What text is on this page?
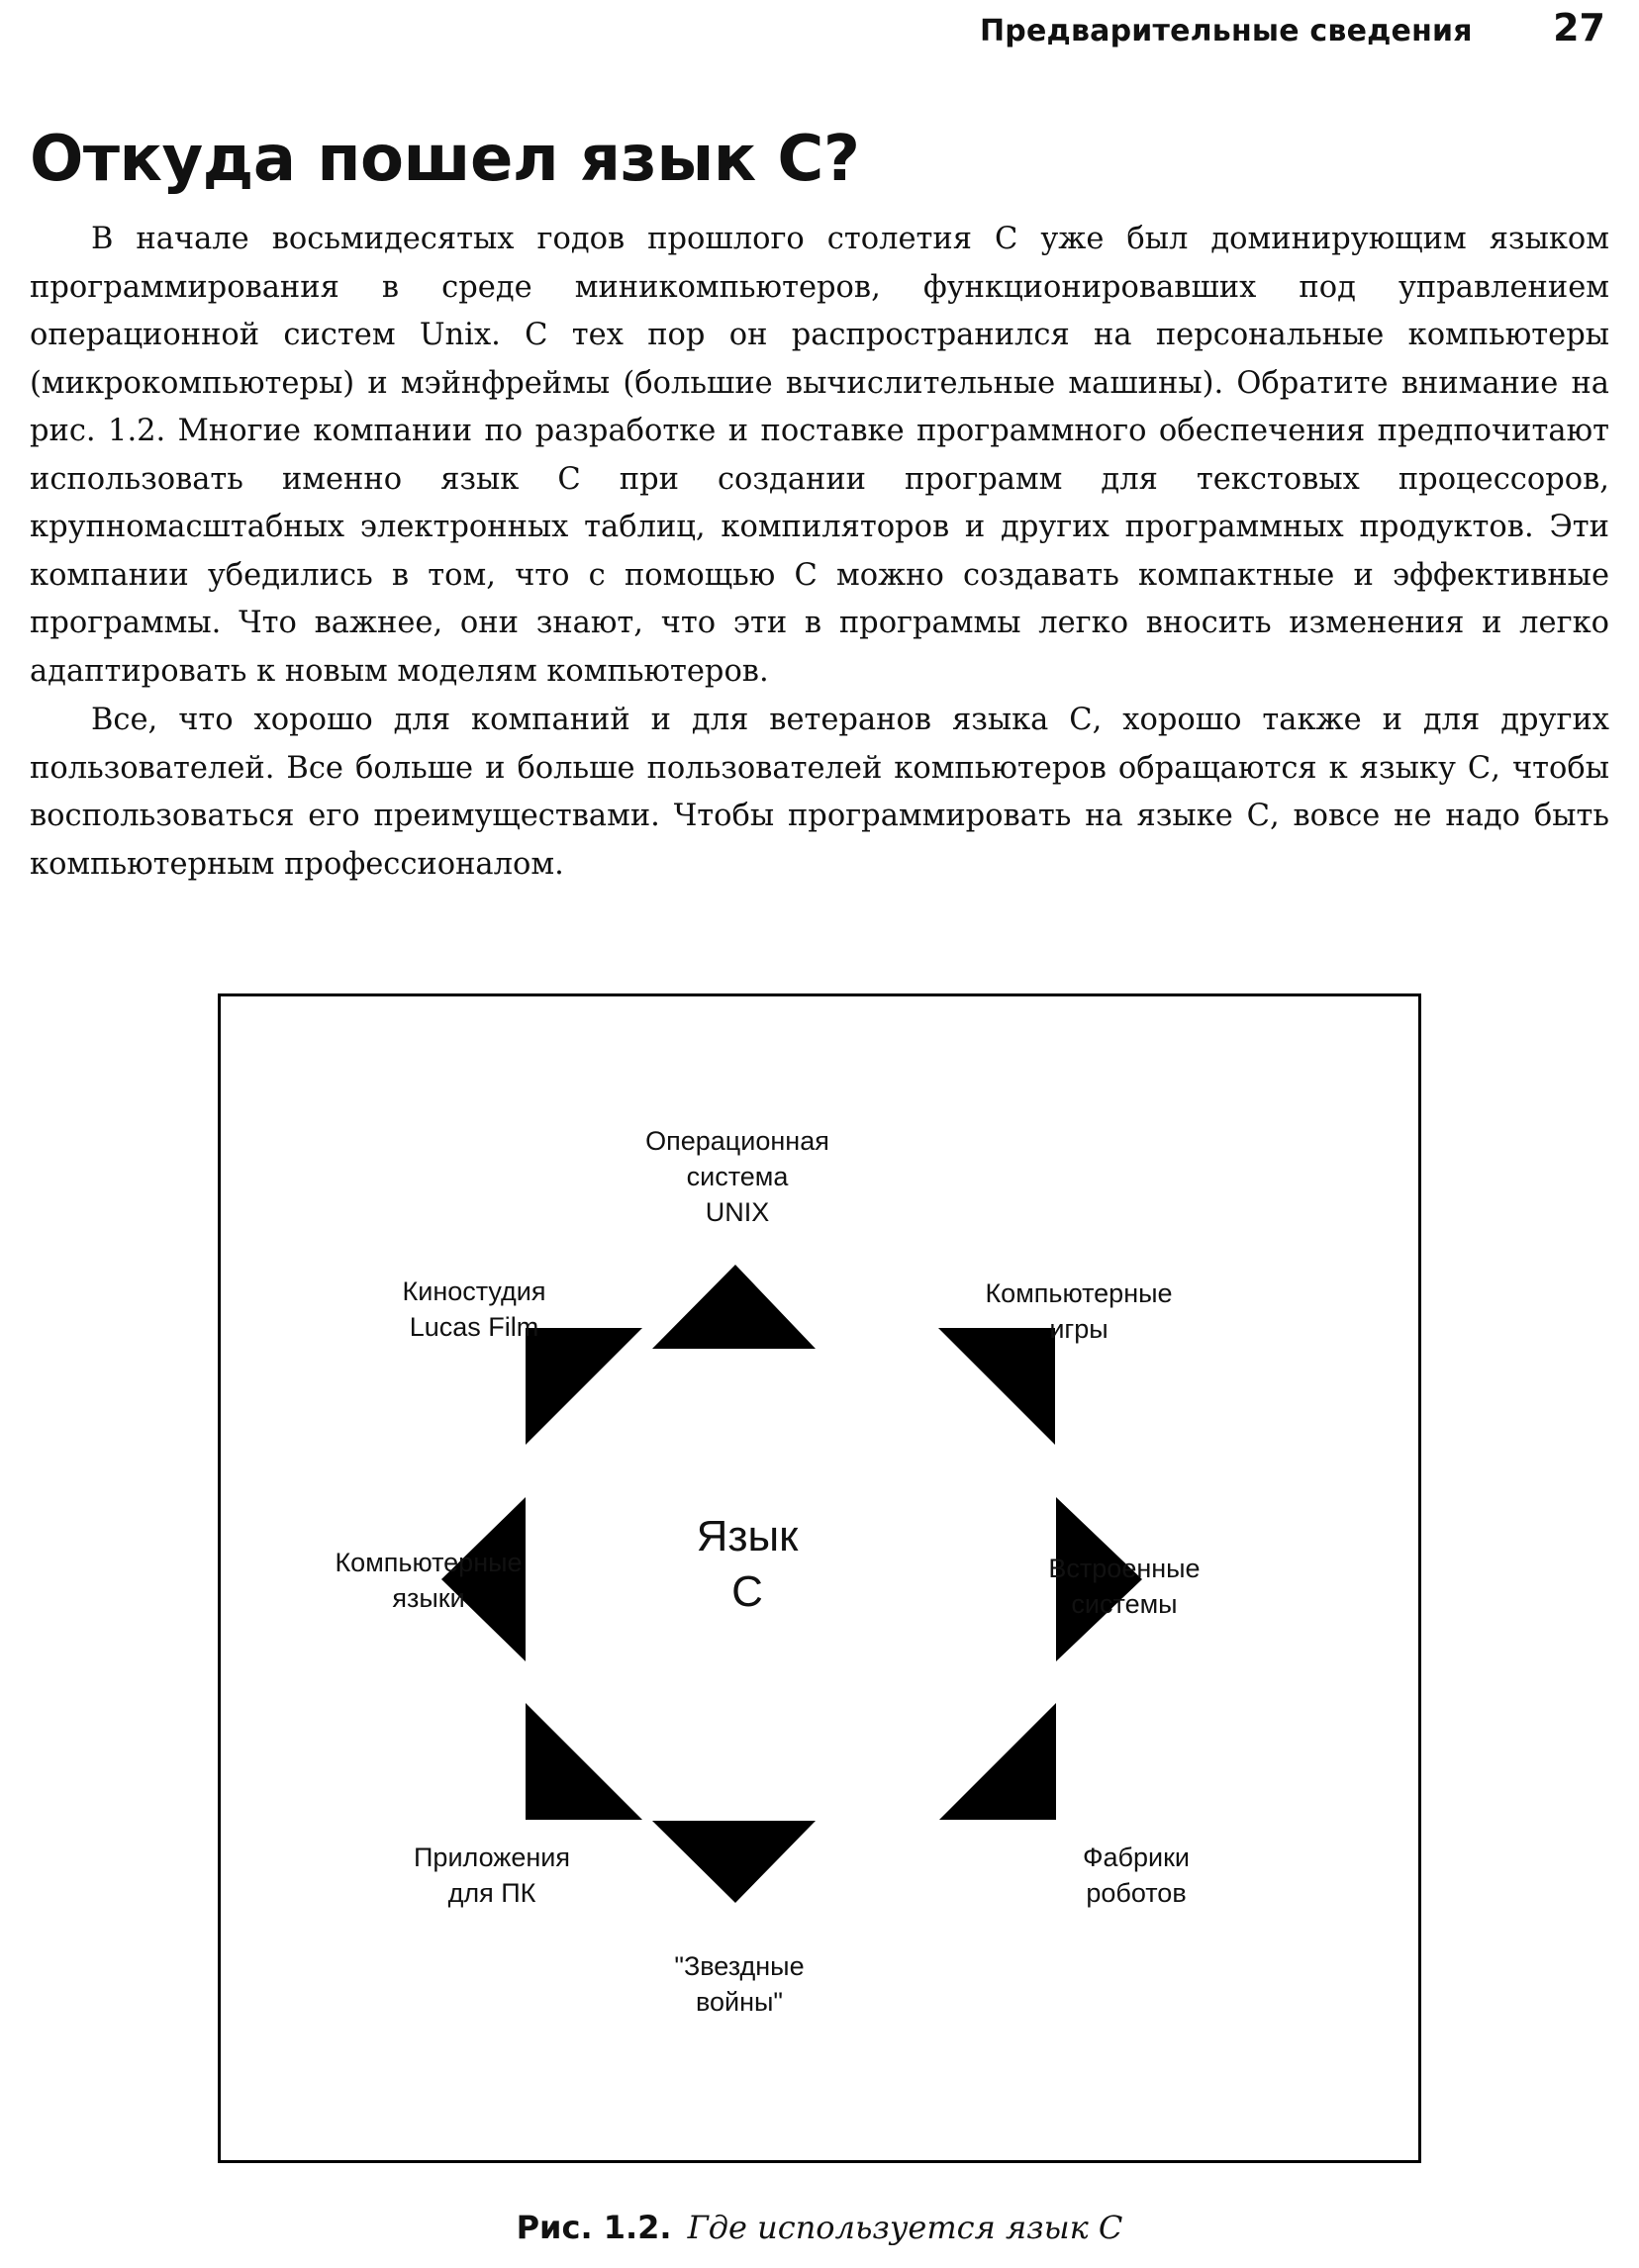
Предварительные сведения 27
Откуда пошел язык С?

В начале восьмидесятых годов прошлого столетия С уже был доминирующим языком программирования в среде миникомпьютеров, функционировавших под управлением операционной систем Unix. С тех пор он распространился на персональные компьютеры (микрокомпьютеры) и мэйнфреймы (большие вычислительные машины). Обратите внимание на рис. 1.2. Многие компании по разработке и поставке программного обеспечения предпочитают использовать именно язык С при создании программ для текстовых процессоров, крупномасштабных электронных таблиц, компиляторов и других программных продуктов. Эти компании убедились в том, что с помощью С можно создавать компактные и эффективные программы. Что важнее, они знают, что эти в программы легко вносить изменения и легко адаптировать к новым моделям компьютеров.

Все, что хорошо для компаний и для ветеранов языка С, хорошо также и для других пользователей. Все больше и больше пользователей компьютеров обращаются к языку С, чтобы воспользоваться его преимуществами. Чтобы программировать на языке С, вовсе не надо быть компьютерным профессионалом.

Язык
С
Операционная
система
UNIX
Компьютерные
игры
Встроенные
системы
Фабрики
роботов
"Звездные
войны"
Приложения
для ПК
Компьютерные
языки
Киностудия
Lucas Film
Рис. 1.2. Где используется язык С
